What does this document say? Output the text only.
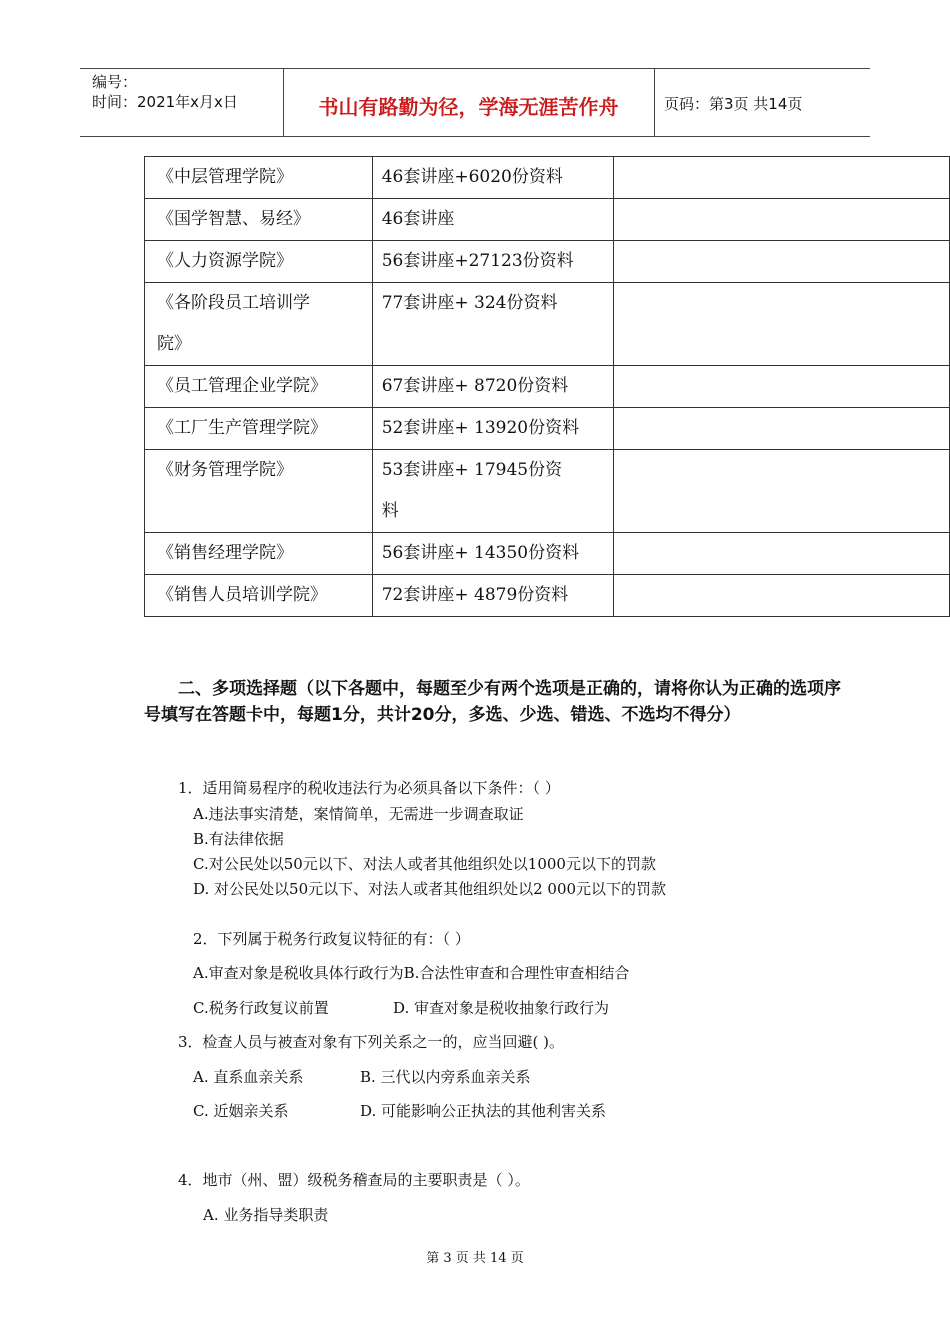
编号：
时间：2021年x月x日	书山有路勤为径，学海无涯苦作舟	页码：第3页 共14页
《中层管理学院》	46套讲座+6020份资料	
《国学智慧、易经》	46套讲座	
《人力资源学院》	56套讲座+27123份资料	

《各阶段员工培训学
院》	77套讲座+ 324份资料	
《员工管理企业学院》	67套讲座+ 8720份资料	
《工厂生产管理学院》	52套讲座+ 13920份资料	
《财务管理学院》	53套讲座+ 17945份资
料	

《销售经理学院》	56套讲座+ 14350份资料	
《销售人员培训学院》	72套讲座+ 4879份资料	
二、多项选择题（以下各题中，每题至少有两个选项是正确的，请将你认为正确的选项序号填写在答题卡中，每题1分，共计20分，多选、少选、错选、不选均不得分）
1．适用简易程序的税收违法行为必须具备以下条件：（ ）
A.违法事实清楚，案情简单，无需进一步调查取证
B.有法律依据
C.对公民处以50元以下、对法人或者其他组织处以1000元以下的罚款
D. 对公民处以50元以下、对法人或者其他组织处以2 000元以下的罚款
2．下列属于税务行政复议特征的有：（ ）
A.审查对象是税收具体行政行为B.合法性审查和合理性审查相结合
C.税务行政复议前置	D. 审查对象是税收抽象行政行为
3．检查人员与被查对象有下列关系之一的，应当回避( )。
A. 直系血亲关系	B. 三代以内旁系血亲关系
C. 近姻亲关系	D. 可能影响公正执法的其他利害关系
4．地市（州、盟）级税务稽查局的主要职责是（ ）。
A. 业务指导类职责
第 3 页 共 14 页
